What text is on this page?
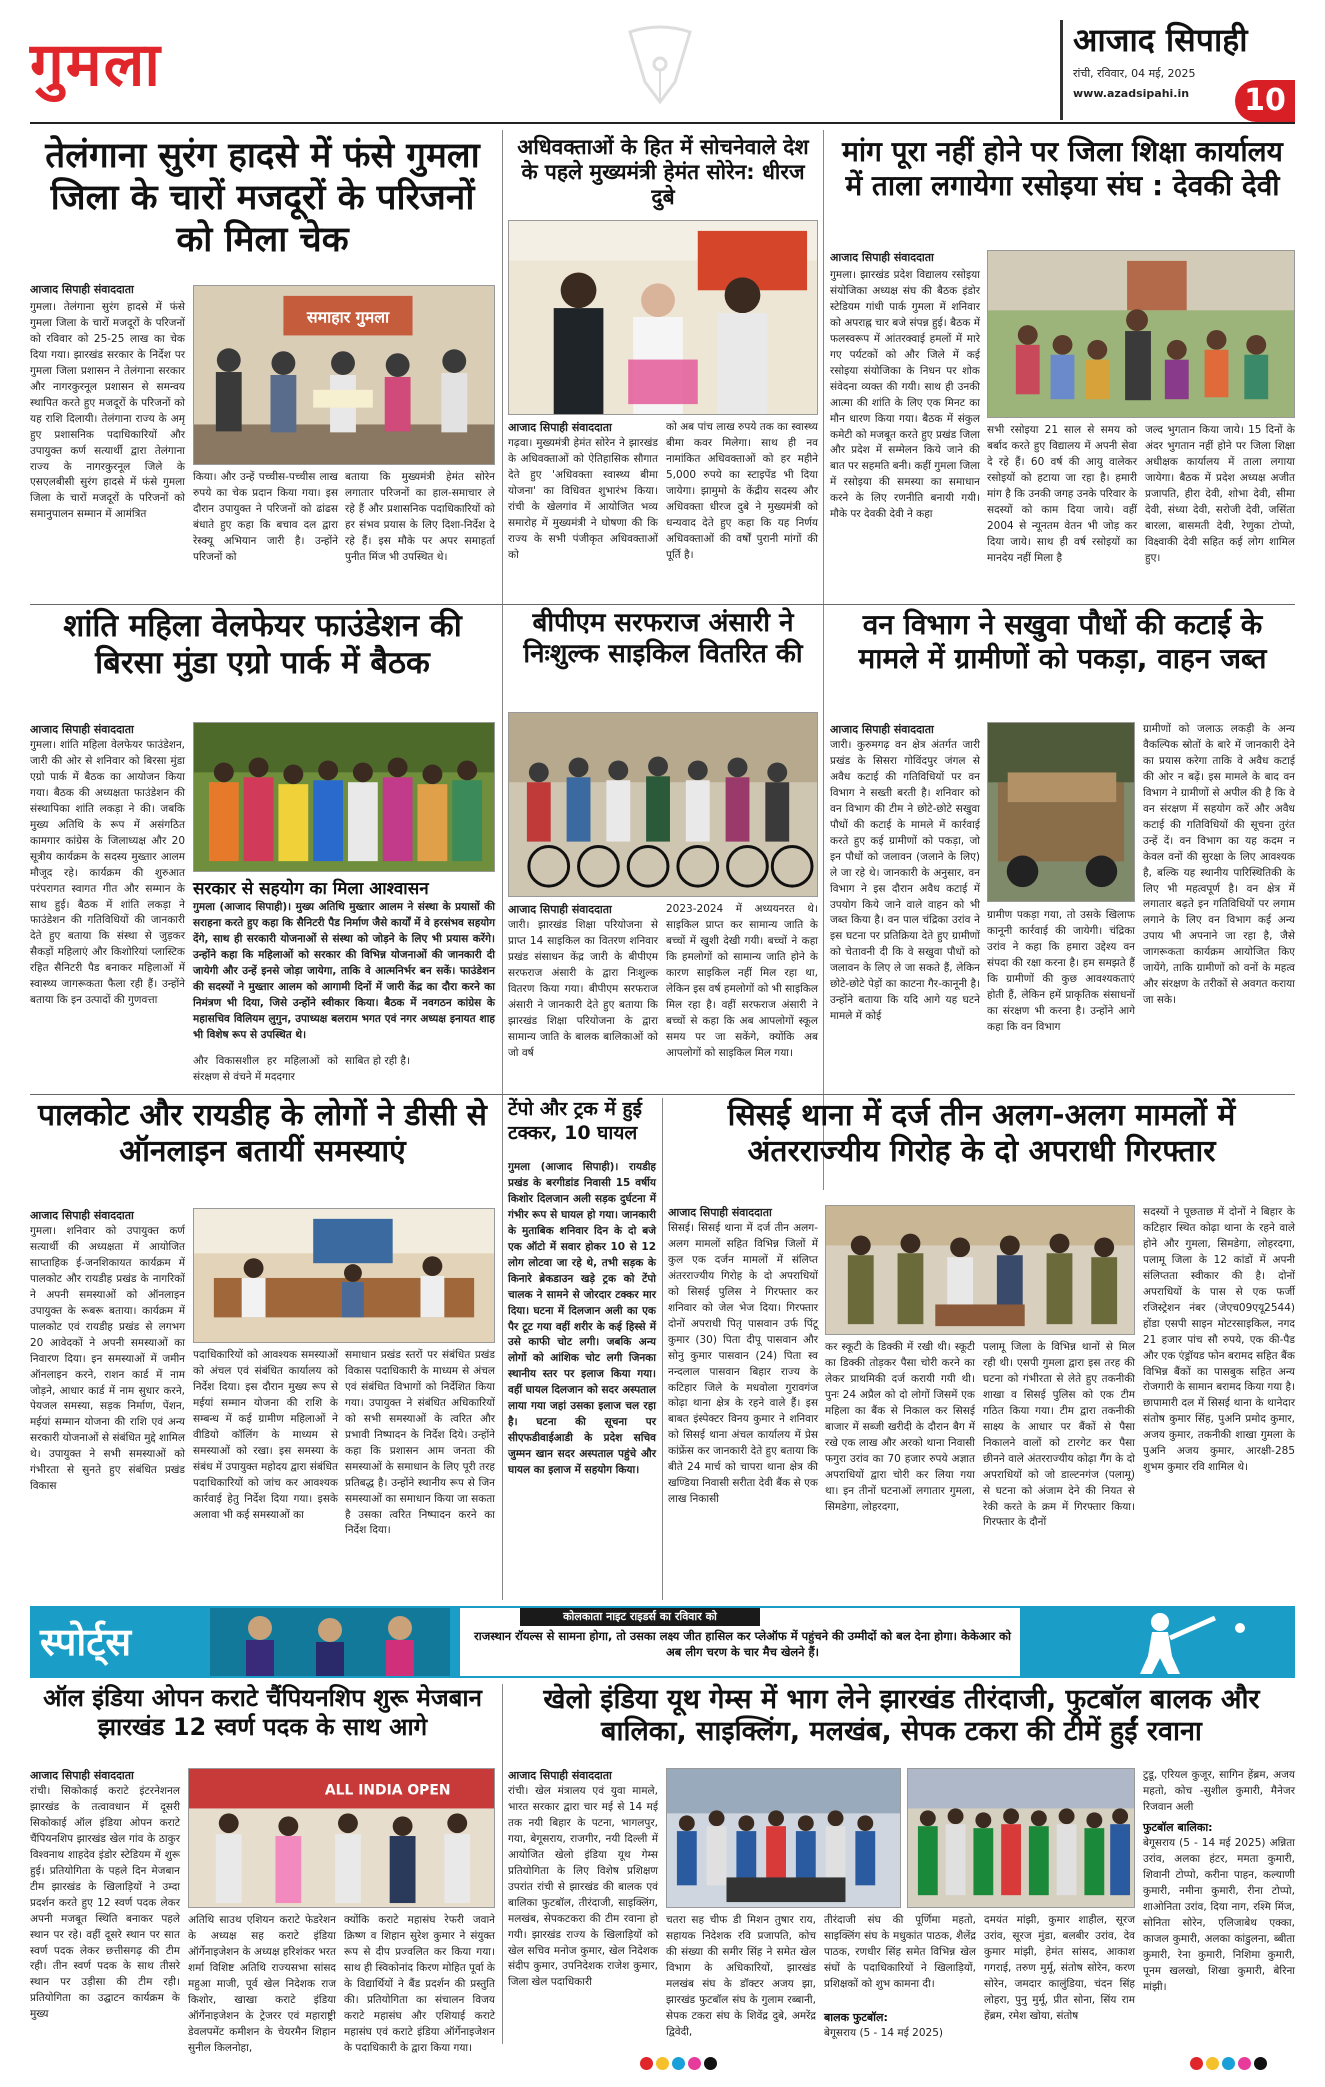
गुमला	आजाद सिपाही
रांची, रविवार, 04 मई, 2025
www.azadsipahi.in	10
तेलंगाना सुरंग हादसे में फंसे गुमला जिला के चारों मजदूरों के परिजनों को मिला चेक
आजाद सिपाही संवाददाता
गुमला। तेलंगाना सुरंग हादसे में फंसे गुमला जिला के चारों मजदूरों के परिजनों को रविवार को 25-25 लाख का चेक दिया गया। झारखंड सरकार के निर्देश पर गुमला जिला प्रशासन ने तेलंगाना सरकार और नागरकुरनूल प्रशासन से समन्वय स्थापित करते हुए मजदूरों के परिजनों को यह राशि दिलायी। तेलंगाना राज्य के अमृ हुए प्रशासनिक पदाधिकारियों और उपायुक्त कर्ण सत्यार्थी द्वारा तेलंगाना राज्य के नागरकुरनूल जिले के एसएलबीसी सुरंग हादसे में फंसे गुमला जिला के चारों मजदूरों के परिजनों को समानुपालन सम्मान में आमंत्रित
समाहार गुमला
किया। और उन्हें पच्चीस-पच्चीस लाख रुपये का चेक प्रदान किया गया। इस दौरान उपायुक्त ने परिजनों को ढांढस बंधाते हुए कहा कि बचाव दल द्वारा रेस्क्यू अभियान जारी है। उन्होंने परिजनों को
बताया कि मुख्यमंत्री हेमंत सोरेन लगातार परिजनों का हाल-समाचार ले रहे हैं और प्रशासनिक पदाधिकारियों को हर संभव प्रयास के लिए दिशा-निर्देश दे रहे हैं। इस मौके पर अपर समाहर्ता पुनीत मिंज भी उपस्थित थे।
अधिवक्ताओं के हित में सोचनेवाले देश के पहले मुख्यमंत्री हेमंत सोरेन: धीरज दुबे
आजाद सिपाही संवाददाता
गढ़वा। मुख्यमंत्री हेमंत सोरेन ने झारखंड के अधिवक्ताओं को ऐतिहासिक सौगात देते हुए 'अधिवक्ता स्वास्थ्य बीमा योजना' का विधिवत शुभारंभ किया। रांची के खेलगांव में आयोजित भव्य समारोह में मुख्यमंत्री ने घोषणा की कि राज्य के सभी पंजीकृत अधिवक्ताओं को
को अब पांच लाख रुपये तक का स्वास्थ्य बीमा कवर मिलेगा। साथ ही नव नामांकित अधिवक्ताओं को हर महीने 5,000 रुपये का स्टाइपेंड भी दिया जायेगा। झामुमो के केंद्रीय सदस्य और अधिवक्ता धीरज दुबे ने मुख्यमंत्री को धन्यवाद देते हुए कहा कि यह निर्णय अधिवक्ताओं की वर्षों पुरानी मांगों की पूर्ति है।
मांग पूरा नहीं होने पर जिला शिक्षा कार्यालय में ताला लगायेगा रसोइया संघ : देवकी देवी
आजाद सिपाही संवाददाता
गुमला। झारखंड प्रदेश विद्यालय रसोइया संयोजिका अध्यक्ष संघ की बैठक इंडोर स्टेडियम गांधी पार्क गुमला में शनिवार को अपराह्न चार बजे संपन्न हुई। बैठक में फलस्वरूप में आंतरक्वाई हमलों में मारे गए पर्यटकों को और जिले में कई रसोइया संयोजिका के निधन पर शोक संवेदना व्यक्त की गयी। साथ ही उनकी आत्मा की शांति के लिए एक मिनट का मौन धारण किया गया। बैठक में संकुल कमेटी को मजबूत करते हुए प्रखंड जिला और प्रदेश में सम्मेलन किये जाने की बात पर सहमति बनी। कहीं गुमला जिला में रसोइया की समस्या का समाधान करने के लिए रणनीति बनायी गयी। मौके पर देवकी देवी ने कहा
सभी रसोइया 21 साल से समय को बर्बाद करते हुए विद्यालय में अपनी सेवा दे रहे हैं। 60 वर्ष की आयु वालेकर रसोइयों को हटाया जा रहा है। हमारी मांग है कि उनकी जगह उनके परिवार के सदस्यों को काम दिया जाये। वहीं 2004 से न्यूनतम वेतन भी जोड़ कर दिया जाये। साथ ही वर्ष रसोइयों का मानदेय नहीं मिला है
जल्द भुगतान किया जाये। 15 दिनों के अंदर भुगतान नहीं होने पर जिला शिक्षा अधीक्षक कार्यालय में ताला लगाया जायेगा। बैठक में प्रदेश अध्यक्ष अजीत प्रजापति, हीरा देवी, शोभा देवी, सीमा देवी, संध्या देवी, सरोजी देवी, जसिंता बारला, बासमती देवी, रेणुका टोप्पो, विक्ष्वाकी देवी सहित कई लोग शामिल हुए।
शांति महिला वेलफेयर फाउंडेशन की बिरसा मुंडा एग्रो पार्क में बैठक
आजाद सिपाही संवाददाता
गुमला। शांति महिला वेलफेयर फाउंडेशन, जारी की ओर से शनिवार को बिरसा मुंडा एग्रो पार्क में बैठक का आयोजन किया गया। बैठक की अध्यक्षता फाउंडेशन की संस्थापिका शांति लकड़ा ने की। जबकि मुख्य अतिथि के रूप में असंगठित कामगार कांग्रेस के जिलाध्यक्ष और 20 सूत्रीय कार्यक्रम के सदस्य मुख्तार आलम मौजूद रहे। कार्यक्रम की शुरुआत परंपरागत स्वागत गीत और सम्मान के साथ हुई। बैठक में शांति लकड़ा ने फाउंडेशन की गतिविधियों की जानकारी देते हुए बताया कि संस्था से जुड़कर सैकड़ों महिलाएं और किशोरियां प्लास्टिक रहित सैनिटरी पैड बनाकर महिलाओं में स्वास्थ्य जागरूकता फैला रही हैं। उन्होंने बताया कि इन उत्पादों की गुणवत्ता
सरकार से सहयोग का मिला आश्वासन
गुमला (आजाद सिपाही)। मुख्य अतिथि मुख्तार आलम ने संस्था के प्रयासों की सराहना करते हुए कहा कि सैनिटरी पैड निर्माण जैसे कार्यों में वे हरसंभव सहयोग देंगे, साथ ही सरकारी योजनाओं से संस्था को जोड़ने के लिए भी प्रयास करेंगे। उन्होंने कहा कि महिलाओं को सरकार की विभिन्न योजनाओं की जानकारी दी जायेगी और उन्हें इनसे जोड़ा जायेगा, ताकि वे आत्मनिर्भर बन सकें। फाउंडेशन की सदस्यों ने मुख्तार आलम को आगामी दिनों में जारी केंद्र का दौरा करने का निमंत्रण भी दिया, जिसे उन्होंने स्वीकार किया। बैठक में नवगठन कांग्रेस के महासचिव विलियम लुगुन, उपाध्यक्ष बलराम भगत एवं नगर अध्यक्ष इनायत शाह भी विशेष रूप से उपस्थित थे।
और विकासशील हर महिलाओं को संरक्षण से वंचने में मददगार
साबित हो रही है।
बीपीएम सरफराज अंसारी ने निःशुल्क साइकिल वितरित की
आजाद सिपाही संवाददाता
जारी। झारखंड शिक्षा परियोजना से प्राप्त 14 साइकिल का वितरण शनिवार प्रखंड संसाधन केंद्र जारी के बीपीएम सरफराज अंसारी के द्वारा निःशुल्क वितरण किया गया। बीपीएम सरफराज अंसारी ने जानकारी देते हुए बताया कि झारखंड शिक्षा परियोजना के द्वारा सामान्य जाति के बालक बालिकाओं को जो वर्ष
2023-2024 में अध्ययनरत थे। साइकिल प्राप्त कर सामान्य जाति के बच्चों में खुशी देखी गयी। बच्चों ने कहा कि हमलोगों को सामान्य जाति होने के कारण साइकिल नहीं मिल रहा था, लेकिन इस वर्ष हमलोगों को भी साइकिल मिल रहा है। वहीं सरफराज अंसारी ने बच्चों से कहा कि अब आपलोगों स्कूल समय पर जा सकेंगे, क्योंकि अब आपलोगों को साइकिल मिल गया।
वन विभाग ने सखुवा पौधों की कटाई के मामले में ग्रामीणों को पकड़ा, वाहन जब्त
आजाद सिपाही संवाददाता
जारी। कुरुमगढ़ वन क्षेत्र अंतर्गत जारी प्रखंड के सिसरा गोविंदपुर जंगल से अवैध कटाई की गतिविधियों पर वन विभाग ने सख्ती बरती है। शनिवार को वन विभाग की टीम ने छोटे-छोटे सखुवा पौधों की कटाई के मामले में कार्रवाई करते हुए कई ग्रामीणों को पकड़ा, जो इन पौधों को जलावन (जलाने के लिए) ले जा रहे थे। जानकारी के अनुसार, वन विभाग ने इस दौरान अवैध कटाई में उपयोग किये जाने वाले वाहन को भी जब्त किया है। वन पाल चंद्रिका उरांव ने इस घटना पर प्रतिक्रिया देते हुए ग्रामीणों को चेतावनी दी कि वे सखुवा पौधों को जलावन के लिए ले जा सकते हैं, लेकिन छोटे-छोटे पेड़ों का काटना गैर-कानूनी है। उन्होंने बताया कि यदि आगे यह घटने मामले में कोई
ग्रामीण पकड़ा गया, तो उसके खिलाफ कानूनी कार्रवाई की जायेगी। चंद्रिका उरांव ने कहा कि हमारा उद्देश्य वन संपदा की रक्षा करना है। हम समझते हैं कि ग्रामीणों की कुछ आवश्यकताएं होती हैं, लेकिन हमें प्राकृतिक संसाधनों का संरक्षण भी करना है। उन्होंने आगे कहा कि वन विभाग
ग्रामीणों को जलाऊ लकड़ी के अन्य वैकल्पिक स्रोतों के बारे में जानकारी देने का प्रयास करेगा ताकि वे अवैध कटाई की ओर न बढ़ें। इस मामले के बाद वन विभाग ने ग्रामीणों से अपील की है कि वे वन संरक्षण में सहयोग करें और अवैध कटाई की गतिविधियों की सूचना तुरंत उन्हें दें। वन विभाग का यह कदम न केवल वनों की सुरक्षा के लिए आवश्यक है, बल्कि यह स्थानीय पारिस्थितिकी के लिए भी महत्वपूर्ण है। वन क्षेत्र में लगातार बढ़ते इन गतिविधियों पर लगाम लगाने के लिए वन विभाग कई अन्य उपाय भी अपनाने जा रहा है, जैसे जागरूकता कार्यक्रम आयोजित किए जायेंगे, ताकि ग्रामीणों को वनों के महत्व और संरक्षण के तरीकों से अवगत कराया जा सके।
पालकोट और रायडीह के लोगों ने डीसी से ऑनलाइन बतायीं समस्याएं
आजाद सिपाही संवाददाता
गुमला। शनिवार को उपायुक्त कर्ण सत्यार्थी की अध्यक्षता में आयोजित साप्ताहिक ई-जनशिकायत कार्यक्रम में पालकोट और रायडीह प्रखंड के नागरिकों ने अपनी समस्याओं को ऑनलाइन उपायुक्त के रूबरू बताया। कार्यक्रम में पालकोट एवं रायडीह प्रखंड से लगभग 20 आवेदकों ने अपनी समस्याओं का निवारण दिया। इन समस्याओं में जमीन ऑनलाइन करने, राशन कार्ड में नाम जोड़ने, आधार कार्ड में नाम सुधार करने, पेयजल समस्या, सड़क निर्माण, पेंशन, मईयां सम्मान योजना की राशि एवं अन्य सरकारी योजनाओं से संबंधित मुद्दे शामिल थे। उपायुक्त ने सभी समस्याओं को गंभीरता से सुनते हुए संबंधित प्रखंड विकास
पदाधिकारियों को आवश्यक समस्याओं को अंचल एवं संबंधित कार्यालय को निर्देश दिया। इस दौरान मुख्य रूप से मईयां सम्मान योजना की राशि के सम्बन्ध में कई ग्रामीण महिलाओं ने वीडियो कॉलिंग के माध्यम से समस्याओं को रखा। इस समस्या के संबंध में उपायुक्त महोदय द्वारा संबंधित पदाधिकारियों को जांच कर आवश्यक कार्रवाई हेतु निर्देश दिया गया। इसके अलावा भी कई समस्याओं का
समाधान प्रखंड स्तरों पर संबंधित प्रखंड विकास पदाधिकारी के माध्यम से अंचल एवं संबंधित विभागों को निर्देशित किया गया। उपायुक्त ने संबंधित अधिकारियों को सभी समस्याओं के त्वरित और प्रभावी निष्पादन के निर्देश दिये। उन्होंने कहा कि प्रशासन आम जनता की समस्याओं के समाधान के लिए पूरी तरह प्रतिबद्ध है। उन्होंने स्थानीय रूप से जिन समस्याओं का समाधान किया जा सकता है उसका त्वरित निष्पादन करने का निर्देश दिया।
टेंपो और ट्रक में हुई टक्कर, 10 घायल
गुमला (आजाद सिपाही)। रायडीह प्रखंड के बरगीडांड निवासी 15 वर्षीय किशोर दिलजान अली सड़क दुर्घटना में गंभीर रूप से घायल हो गया। जानकारी के मुताबिक शनिवार दिन के दो बजे एक ऑटो में सवार होकर 10 से 12 लोग लोटवा जा रहे थे, तभी सड़क के किनारे ब्रेकडाउन खड़े ट्रक को टेंपो चालक ने सामने से जोरदार टक्कर मार दिया। घटना में दिलजान अली का एक पैर टूट गया वहीं शरीर के कई हिस्से में उसे काफी चोट लगी। जबकि अन्य लोगों को आंशिक चोट लगी जिनका स्थानीय स्तर पर इलाज किया गया। वहीं घायल दिलजान को सदर अस्पताल लाया गया जहां उसका इलाज चल रहा है। घटना की सूचना पर सीएफडीवाईआडी के प्रदेश सचिव जुम्मन खान सदर अस्पताल पहुंचे और घायल का इलाज में सहयोग किया।
सिसई थाना में दर्ज तीन अलग-अलग मामलों में अंतरराज्यीय गिरोह के दो अपराधी गिरफ्तार
आजाद सिपाही संवाददाता
सिसई। सिसई थाना में दर्ज तीन अलग-अलग मामलों सहित विभिन्न जिलों में कुल एक दर्जन मामलों में संलिप्त अंतरराज्यीय गिरोह के दो अपराधियों को सिसई पुलिस ने गिरफ्तार कर शनिवार को जेल भेज दिया। गिरफ्तार दोनों अपराधी पितृ पासवान उर्फ पिंटू कुमार (30) पिता दीपू पासवान और सोनु कुमार पासवान (24) पिता स्व नन्दलाल पासवान बिहार राज्य के कटिहार जिले के मधवोला गुरावगंज कोढ़ा थाना क्षेत्र के रहने वाले हैं। इस बाबत इंस्पेक्टर विनय कुमार ने शनिवार को सिसई थाना अंचल कार्यालय में प्रेस कांफ्रेंस कर जानकारी देते हुए बताया कि बीते 24 मार्च को चापरा थाना क्षेत्र की खण्डिया निवासी सरीता देवी बैंक से एक लाख निकासी
कर स्कूटी के डिक्की में रखी थी। स्कूटी का डिक्की तोड़कर पैसा चोरी करने का लेकर प्राथमिकी दर्ज करायी गयी थी। पुनः 24 अप्रैल को दो लोगों जिसमें एक महिला का बैंक से निकाल कर सिसई बाजार में सब्जी खरीदी के दौरान बैग में रखे एक लाख और अरको थाना निवासी फगुरा उरांव का 70 हजार रुपये अज्ञात अपराधियों द्वारा चोरी कर लिया गया था। इन तीनों घटनाओं लगातार गुमला, सिमडेगा, लोहरदगा,
पलामू जिला के विभिन्न थानों से मिल रही थी। एसपी गुमला द्वारा इस तरह की घटना को गंभीरता से लेते हुए तकनीकी शाखा व सिसई पुलिस को एक टीम गठित किया गया। टीम द्वारा तकनीकी साक्ष्य के आधार पर बैंकों से पैसा निकालने वालों को टारगेट कर पैसा छीनने वाले अंतरराज्यीय कोढ़ा गैंग के दो अपराधियों को जो डाल्टनगंज (पलामू) से घटना को अंजाम देने की नियत से रेकी करते के क्रम में गिरफ्तार किया। गिरफ्तार के दौनों
सदस्यों ने पूछताछ में दोनों ने बिहार के कटिहार स्थित कोढ़ा थाना के रहने वाले होने और गुमला, सिमडेगा, लोहरदगा, पलामू जिला के 12 कांडों में अपनी संलिप्तता स्वीकार की है। दोनों अपराधियों के पास से एक फर्जी रजिस्ट्रेशन नंबर (जेएच09एयू2544) होंडा एसपी साइन मोटरसाइकिल, नगद 21 हजार पांच सौ रुपये, एक की-पैड और एक एंड्रॉयड फोन बरामद सहित बैंक विभिन्न बैंकों का पासबुक सहित अन्य रोजगारी के सामान बरामद किया गया है। छापामारी दल में सिसई थाना के थानेदार संतोष कुमार सिंह, पुअनि प्रमोद कुमार, अजय कुमार, तकनीकी शाखा गुमला के पुअनि अजय कुमार, आरक्षी-285 शुभम कुमार रवि शामिल थे।
स्पोर्ट्स
कोलकाता नाइट राइडर्स का रविवार को
राजस्थान रॉयल्स से सामना होगा, तो उसका लक्ष्य जीत हासिल कर प्लेऑफ में पहुंचने की उम्मीदों को बल देना होगा। केकेआर को अब लीग चरण के चार मैच खेलने हैं।
ऑल इंडिया ओपन कराटे चैंपियनशिप शुरू मेजबान झारखंड 12 स्वर्ण पदक के साथ आगे
आजाद सिपाही संवाददाता
रांची। सिकोकाई कराटे इंटरनेशनल झारखंड के तत्वावधान में दूसरी सिकोकाई ऑल इंडिया ओपन कराटे चैंपियनशिप झारखंड खेल गांव के ठाकुर विश्वनाथ शाहदेव इंडोर स्टेडियम में शुरू हुई। प्रतियोगिता के पहले दिन मेजबान टीम झारखंड के खिलाड़ियों ने उम्दा प्रदर्शन करते हुए 12 स्वर्ण पदक लेकर अपनी मजबूत स्थिति बनाकर पहले स्थान पर रहे। वहीं दूसरे स्थान पर सात स्वर्ण पदक लेकर छत्तीसगढ़ की टीम रही। तीन स्वर्ण पदक के साथ तीसरे स्थान पर उड़ीसा की टीम रही। प्रतियोगिता का उद्घाटन कार्यक्रम के मुख्य
ALL INDIA OPEN
अतिथि साउथ एशियन कराटे फेडरेशन के अध्यक्ष सह कराटे इंडिया ऑर्गेनाइजेशन के अध्यक्ष हरिशंकर भरत शर्मा विशिष्ट अतिथि राज्यसभा सांसद महुआ माजी, पूर्व खेल निदेशक राज किशोर, खाखा कराटे इंडिया ऑर्गेनाइजेशन के ट्रेजरर एवं महाराष्ट्री डेवलपमेंट कमीशन के चेयरमैन शिहान सुनील किलनोहा,
क्योंकि कराटे महासंघ रेफरी जवाने क्रिष्ण व शिहान सुरेश कुमार ने संयुक्त रूप से दीप प्रज्वलित कर किया गया। साथ ही स्विकोनांद किरण मोहित पूर्वा के के विद्यार्थियों ने बैंड प्रदर्शन की प्रस्तुति की। प्रतियोगिता का संचालन विजय कराटे महासंघ और एशियाई कराटे महासंघ एवं कराटे इंडिया ऑर्गेनाइजेशन के पदाधिकारी के द्वारा किया गया।
खेलो इंडिया यूथ गेम्स में भाग लेने झारखंड तीरंदाजी, फुटबॉल बालक और बालिका, साइक्लिंग, मलखंब, सेपक टकरा की टीमें हुईं रवाना
आजाद सिपाही संवाददाता
रांची। खेल मंत्रालय एवं युवा मामले, भारत सरकार द्वारा चार मई से 14 मई तक नयी बिहार के पटना, भागलपुर, गया, बेगूसराय, राजगीर, नयी दिल्ली में आयोजित खेलो इंडिया यूथ गेम्स प्रतियोगिता के लिए विशेष प्रशिक्षण उपरांत रांची से झारखंड की बालक एवं बालिका फुटबॉल, तीरंदाजी, साइक्लिंग, मलखंब, सेपकटकरा की टीम रवाना हो गयी। झारखंड राज्य के खिलाड़ियों को खेल सचिव मनोज कुमार, खेल निदेशक संदीप कुमार, उपनिदेशक राजेश कुमार, जिला खेल पदाधिकारी
चतरा सह चीफ डी मिशन तुषार राय, सहायक निदेशक रवि प्रजापति, कोच की संख्या की समीर सिंह ने समेत खेल विभाग के अधिकारियों, झारखंड मलखंब संघ के डॉक्टर अजय झा, झारखंड फुटबॉल संघ के गुलाम रब्बानी, सेपक टकरा संघ के शिवेंद्र दुबे, अमरेंद्र द्विवेदी,
तीरंदाजी संघ की पूर्णिमा महतो, साइक्लिंग संघ के मधुकांत पाठक, शैलेंद्र पाठक, रणधीर सिंह समेत विभिन्न खेल संघों के पदाधिकारियों ने खिलाड़ियों, प्रशिक्षकों को शुभ कामना दी।
बालक फुटबॉल:
बेगूसराय (5 - 14 मई 2025)
दमयंत मांझी, कुमार शाहील, सूरज उरांव, सूरज मुंडा, बलबीर उरांव, देव कुमार मांझी, हेमंत सांसद, आकाश गगराई, तरुण मुर्मू, संतोष सोरेन, करण सोरेन, जमदार कालुंडिया, चंदन सिंह लोहरा, पुनु मुर्मू, प्रीत सोना, सिंय राम हेंब्रम, रमेश खोया, संतोष
टुडू, एरियल कुजूर, सागिन हेंब्रम, अजय महतो, कोच -सुशील कुमारी, मैनेजर रिजवान अली
फुटबॉल बालिका:
बेगूसराय (5 - 14 मई 2025) अन्निता उरांव, अलका हंटर, ममता कुमारी, शिवानी टोप्पो, करीना पाहन, कल्याणी कुमारी, नमीना कुमारी, रीना टोप्पो, शाओनिता उरांव, दिया नाग, रश्मि मिंज, सोनिता सोरेन, एलिजाबेथ एक्का, काजल कुमारी, अलका कांडुलना, ब्बीता कुमारी, रेना कुमारी, निशिमा कुमारी, पूनम खलखो, शिखा कुमारी, बेरिना मांझी।
